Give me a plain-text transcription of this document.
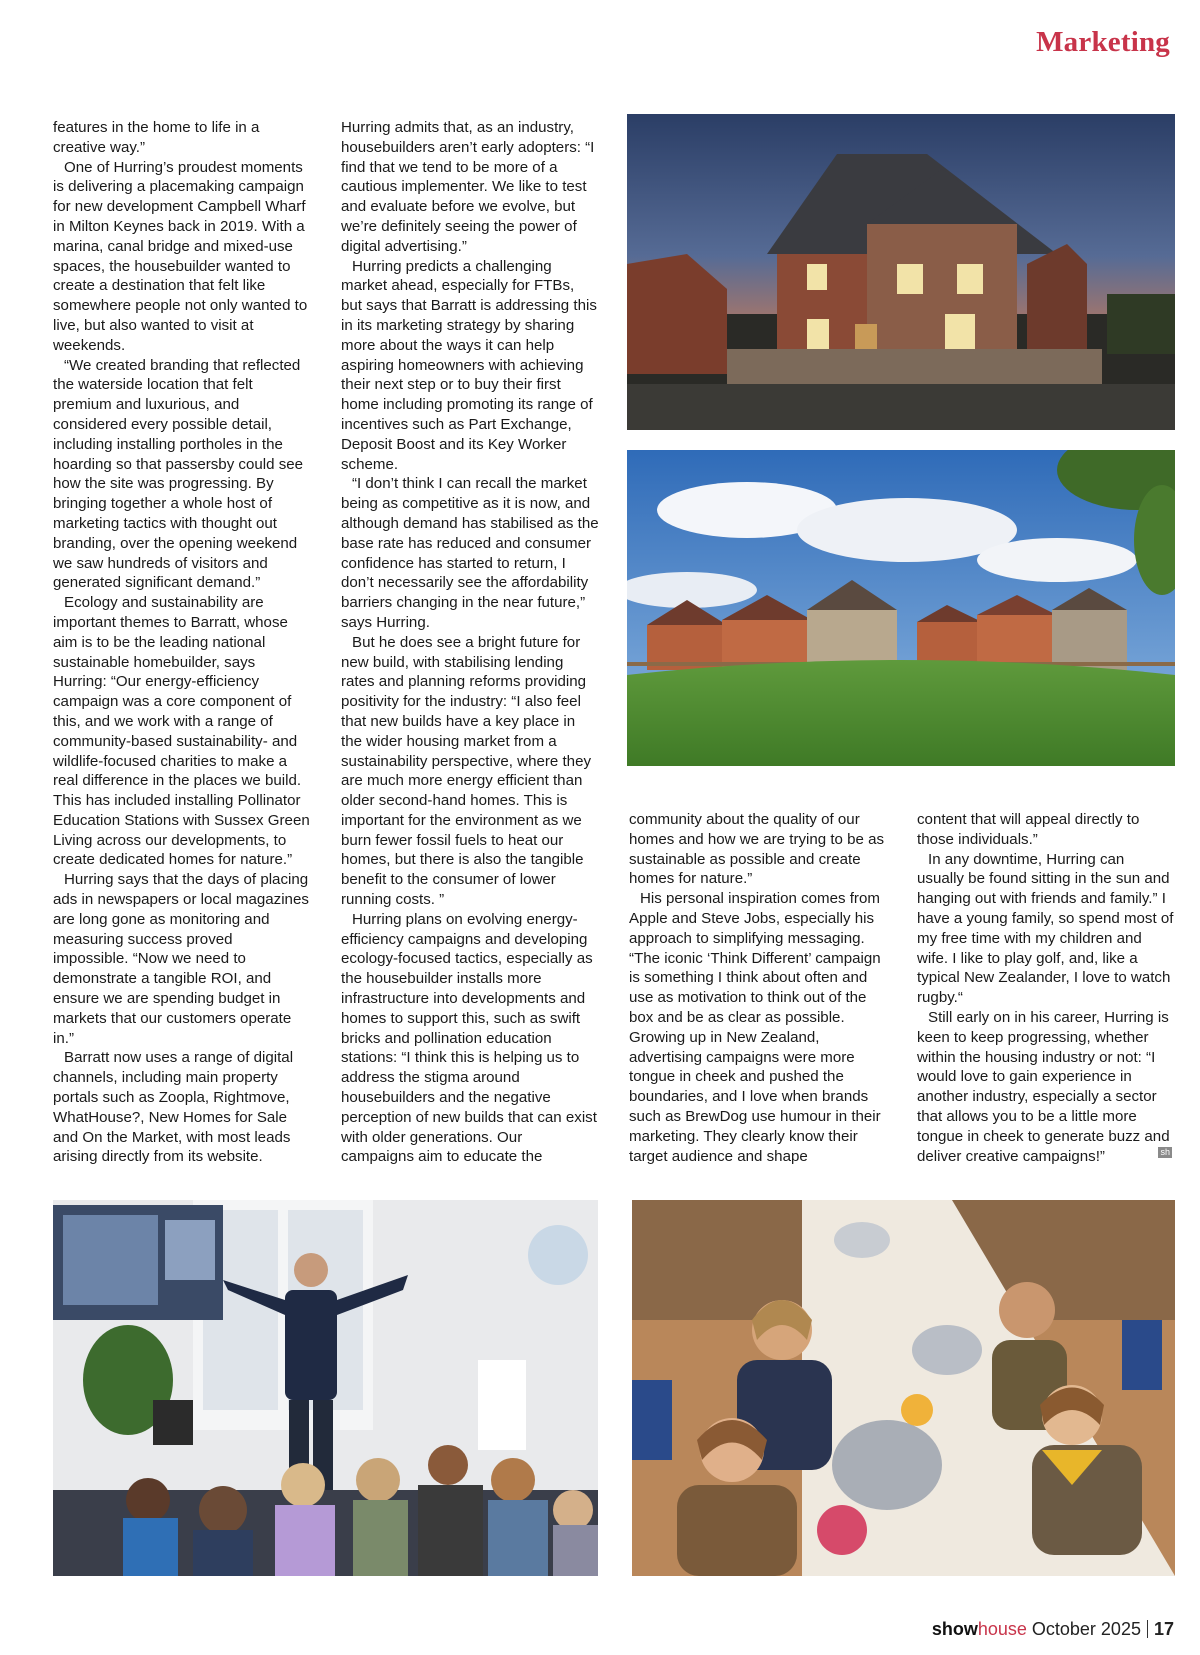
Marketing

features in the home to life in a creative way.”

One of Hurring’s proudest moments is delivering a placemaking campaign for new development Campbell Wharf in Milton Keynes back in 2019. With a marina, canal bridge and mixed-use spaces, the housebuilder wanted to create a destination that felt like somewhere people not only wanted to live, but also wanted to visit at weekends.

“We created branding that reflected the waterside location that felt premium and luxurious, and considered every possible detail, including installing portholes in the hoarding so that passersby could see how the site was progressing. By bringing together a whole host of marketing tactics with thought out branding, over the opening weekend we saw hundreds of visitors and generated significant demand.”

Ecology and sustainability are important themes to Barratt, whose aim is to be the leading national sustainable homebuilder, says Hurring: “Our energy-efficiency campaign was a core component of this, and we work with a range of community-based sustainability- and wildlife-focused charities to make a real difference in the places we build. This has included installing Pollinator Education Stations with Sussex Green Living across our developments, to create dedicated homes for nature.”

Hurring says that the days of placing ads in newspapers or local magazines are long gone as monitoring and measuring success proved impossible. “Now we need to demonstrate a tangible ROI, and ensure we are spending budget in markets that our customers operate in.”

Barratt now uses a range of digital channels, including main property portals such as Zoopla, Rightmove, WhatHouse?, New Homes for Sale and On the Market, with most leads arising directly from its website.

Hurring admits that, as an industry, housebuilders aren’t early adopters: “I find that we tend to be more of a cautious implementer. We like to test and evaluate before we evolve, but we’re definitely seeing the power of digital advertising.”

Hurring predicts a challenging market ahead, especially for FTBs, but says that Barratt is addressing this in its marketing strategy by sharing more about the ways it can help aspiring homeowners with achieving their next step or to buy their first home including promoting its range of incentives such as Part Exchange, Deposit Boost and its Key Worker scheme.

“I don’t think I can recall the market being as competitive as it is now, and although demand has stabilised as the base rate has reduced and consumer confidence has started to return, I don’t necessarily see the affordability barriers changing in the near future,” says Hurring.

But he does see a bright future for new build, with stabilising lending rates and planning reforms providing positivity for the industry: “I also feel that new builds have a key place in the wider housing market from a sustainability perspective, where they are much more energy efficient than older second-hand homes. This is important for the environment as we burn fewer fossil fuels to heat our homes, but there is also the tangible benefit to the consumer of lower running costs. ”

Hurring plans on evolving energy-efficiency campaigns and developing ecology-focused tactics, especially as the housebuilder installs more infrastructure into developments and homes to support this, such as swift bricks and pollination education stations: “I think this is helping us to address the stigma around housebuilders and the negative perception of new builds that can exist with older generations. Our campaigns aim to educate the

community about the quality of our homes and how we are trying to be as sustainable as possible and create homes for nature.”

His personal inspiration comes from Apple and Steve Jobs, especially his approach to simplifying messaging. “The iconic ‘Think Different’ campaign is something I think about often and use as motivation to think out of the box and be as clear as possible. Growing up in New Zealand, advertising campaigns were more tongue in cheek and pushed the boundaries, and I love when brands such as BrewDog use humour in their marketing. They clearly know their target audience and shape

content that will appeal directly to those individuals.”

In any downtime, Hurring can usually be found sitting in the sun and hanging out with friends and family.” I have a young family, so spend most of my free time with my children and wife. I like to play golf, and, like a typical New Zealander, I love to watch rugby.“

Still early on in his career, Hurring is keen to keep progressing, whether within the housing industry or not: “I would love to gain experience in another industry, especially a sector that allows you to be a little more tongue in cheek to generate buzz and deliver creative campaigns!”	sh
showhouse October 2025 17
